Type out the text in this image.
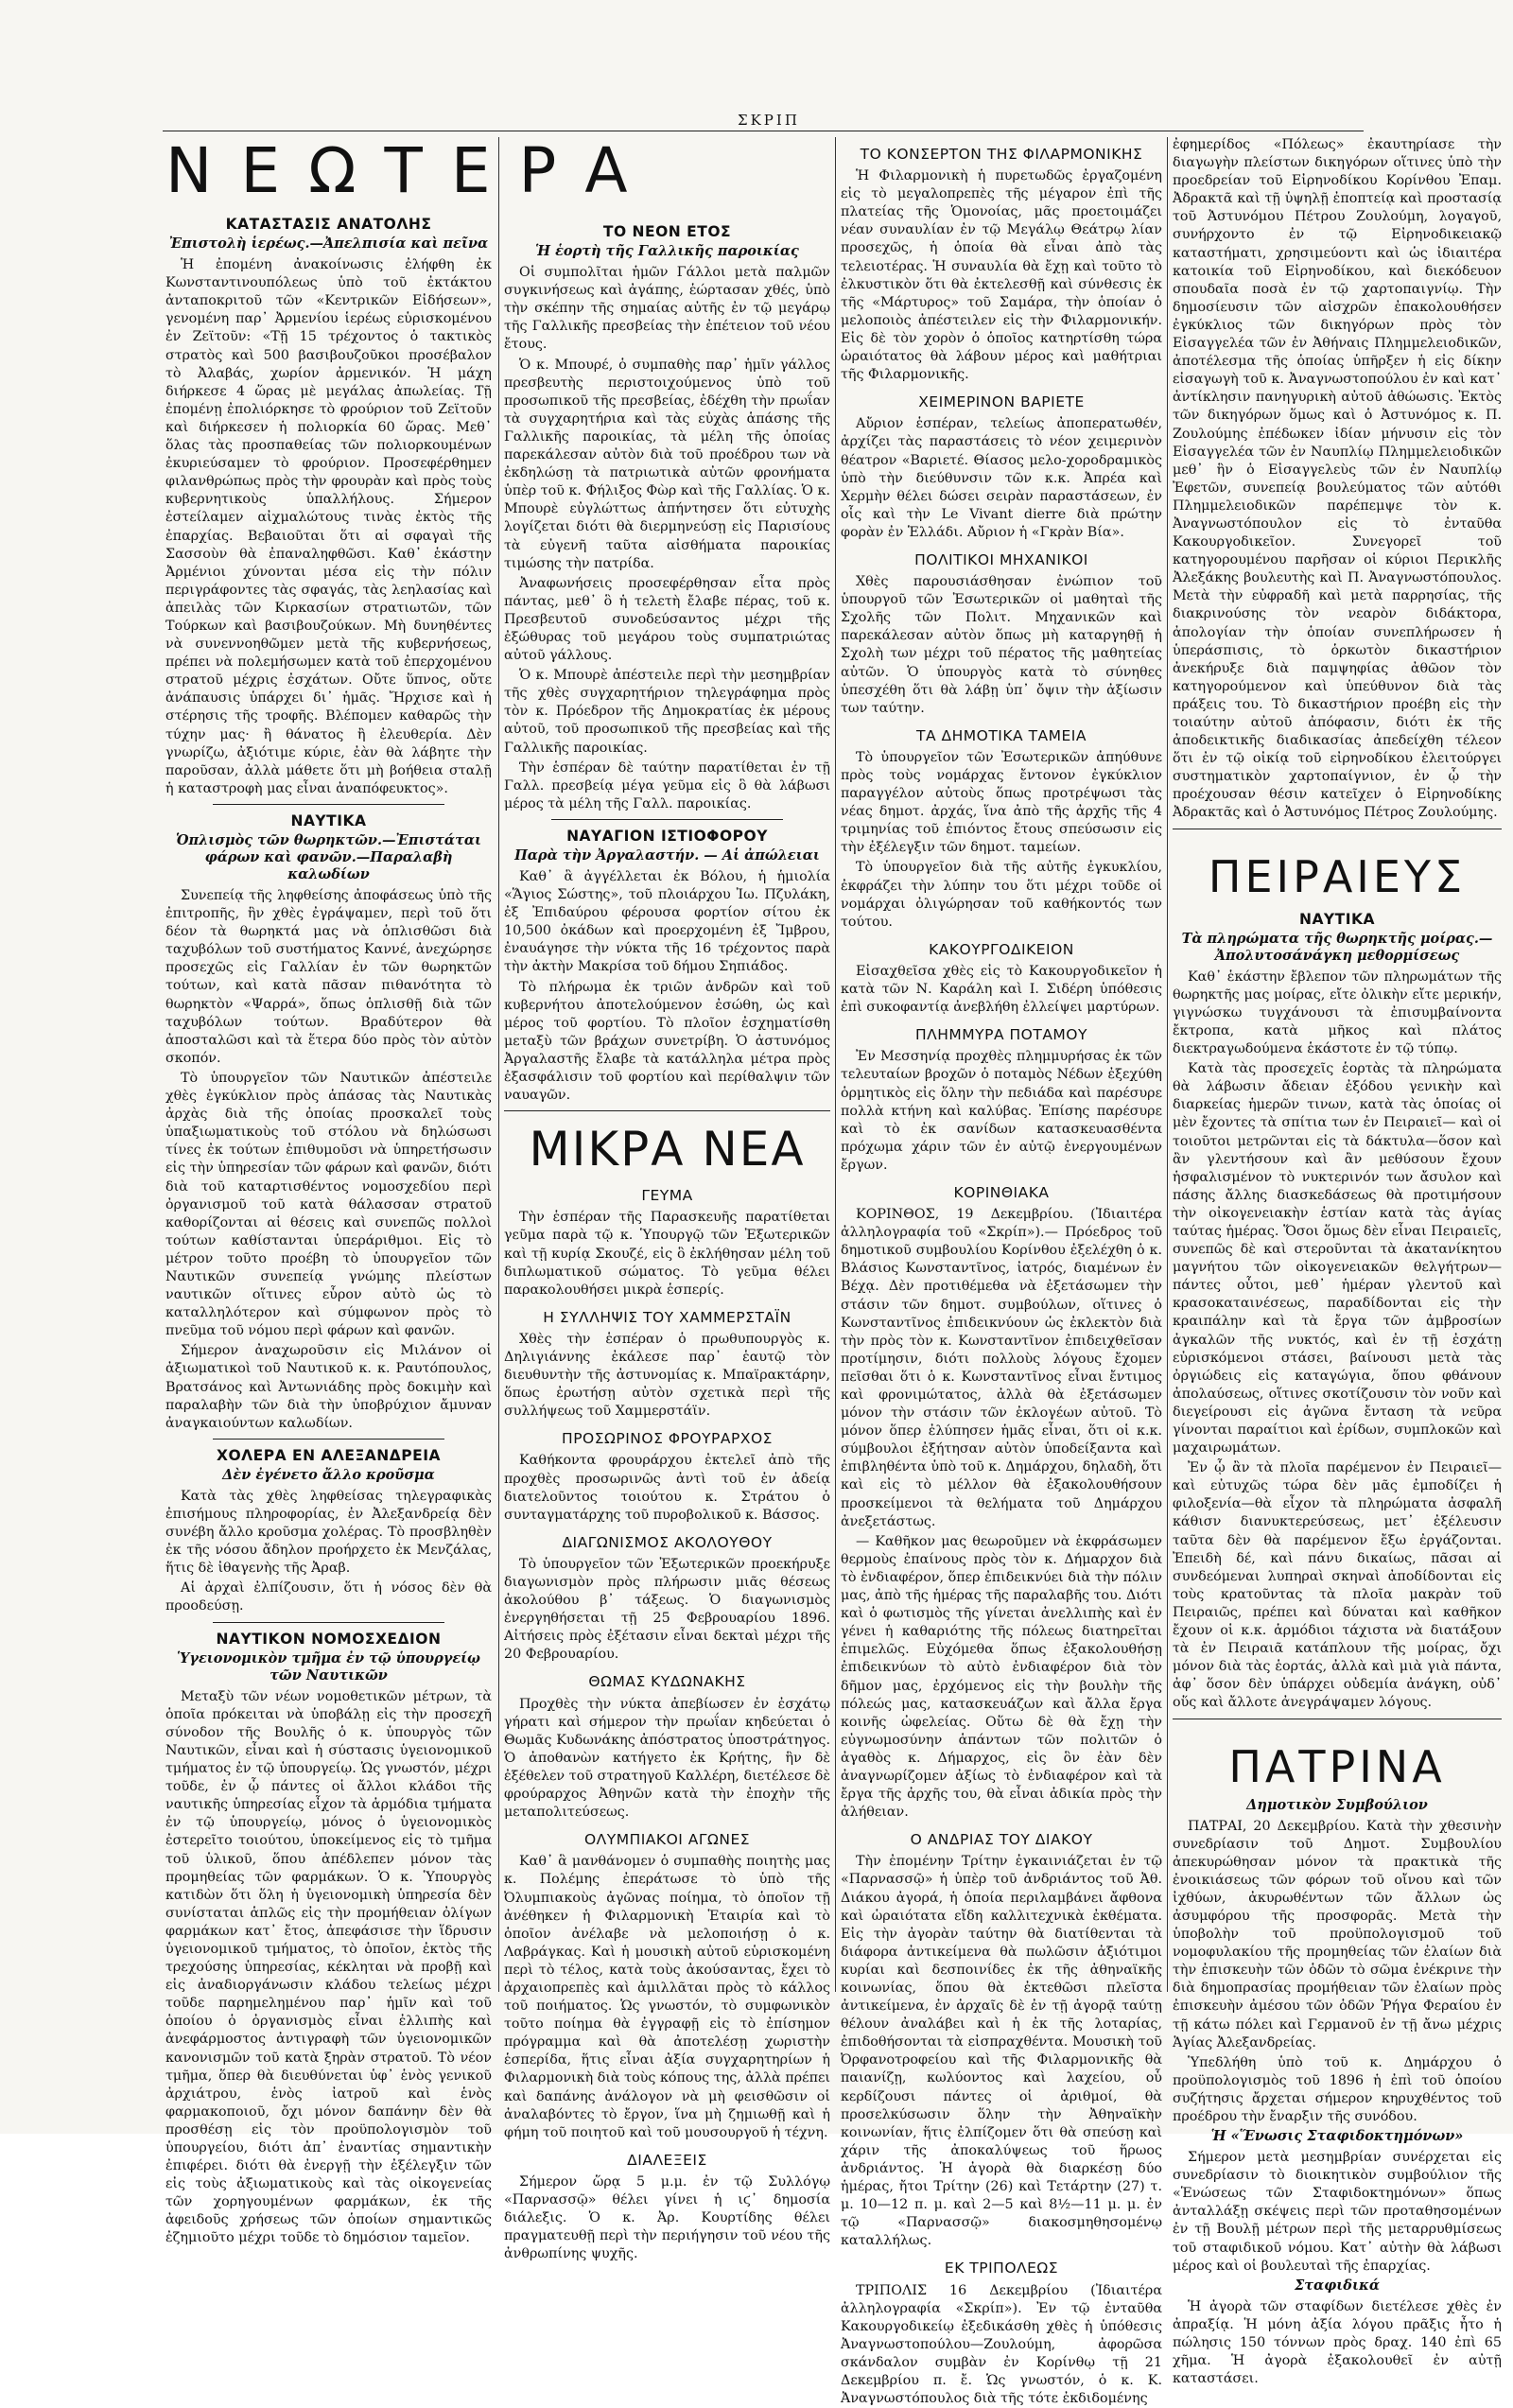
ΣΚΡΙΠ
ΝΕΩΤΕΡΑ
ΚΑΤΑΣΤΑΣΙΣ ΑΝΑΤΟΛΗΣ
Ἐπιστολὴ ἱερέως.—Ἀπελπισία καὶ πεῖνα

Ἡ ἐπομένη ἀνακοίνωσις ἐλήφθη ἐκ Κωνσταντινουπόλεως ὑπὸ τοῦ ἐκτάκτου ἀνταποκριτοῦ τῶν «Κεντρικῶν Εἰδήσεων», γενομένη παρ᾽ Ἀρμενίου ἱερέως εὑρισκομένου ἐν Ζεϊτοῦν: «Τῇ 15 τρέχοντος ὁ τακτικὸς στρατὸς καὶ 500 βασιβουζοῦκοι προσέβαλον τὸ Ἀλαβάς, χωρίον ἀρμενικόν. Ἡ μάχη διήρκεσε 4 ὥρας μὲ μεγάλας ἀπωλείας. Τῇ ἐπομένῃ ἐπολιόρκησε τὸ φρούριον τοῦ Ζεϊτοῦν καὶ διήρκεσεν ἡ πολιορκία 60 ὥρας. Μεθ᾽ ὅλας τὰς προσπαθείας τῶν πολιορκουμένων ἐκυριεύσαμεν τὸ φρούριον. Προσεφέρθημεν φιλανθρώπως πρὸς τὴν φρουρὰν καὶ πρὸς τοὺς κυβερνητικοὺς ὑπαλλήλους. Σήμερον ἐστείλαμεν αἰχμαλώτους τινὰς ἐκτὸς τῆς ἐπαρχίας. Βεβαιοῦται ὅτι αἱ σφαγαὶ τῆς Σασσοὺν θὰ ἐπαναληφθῶσι. Καθ᾽ ἑκάστην Ἀρμένιοι χύνονται μέσα εἰς τὴν πόλιν περιγράφοντες τὰς σφαγάς, τὰς λεηλασίας καὶ ἀπειλὰς τῶν Κιρκασίων στρατιωτῶν, τῶν Τούρκων καὶ βασιβουζούκων. Μὴ δυνηθέντες νὰ συνεννοηθῶμεν μετὰ τῆς κυβερνήσεως, πρέπει νὰ πολεμήσωμεν κατὰ τοῦ ἐπερχομένου στρατοῦ μέχρις ἐσχάτων. Οὔτε ὕπνος, οὔτε ἀνάπαυσις ὑπάρχει δι᾽ ἡμᾶς. Ἤρχισε καὶ ἡ στέρησις τῆς τροφῆς. Βλέπομεν καθαρῶς τὴν τύχην μας· ἢ θάνατος ἢ ἐλευθερία. Δὲν γνωρίζω, ἀξιότιμε κύριε, ἐὰν θὰ λάβητε τὴν παροῦσαν, ἀλλὰ μάθετε ὅτι μὴ βοήθεια σταλῇ ἡ καταστροφὴ μας εἶναι ἀναπόφευκτος».

ΝΑΥΤΙΚΑ
Ὁπλισμὸς τῶν θωρηκτῶν.—Ἐπιστάται φάρων καὶ φανῶν.—Παραλαβὴ καλωδίων

Συνεπείᾳ τῆς ληφθείσης ἀποφάσεως ὑπὸ τῆς ἐπιτροπῆς, ἣν χθὲς ἐγράψαμεν, περὶ τοῦ ὅτι δέον τὰ θωρηκτά μας νὰ ὁπλισθῶσι διὰ ταχυβόλων τοῦ συστήματος Καννέ, ἀνεχώρησε προσεχῶς εἰς Γαλλίαν ἐν τῶν θωρηκτῶν τούτων, καὶ κατὰ πᾶσαν πιθανότητα τὸ θωρηκτὸν «Ψαρρά», ὅπως ὁπλισθῇ διὰ τῶν ταχυβόλων τούτων. Βραδύτερον θὰ ἀποσταλῶσι καὶ τὰ ἕτερα δύο πρὸς τὸν αὐτὸν σκοπόν.

Τὸ ὑπουργεῖον τῶν Ναυτικῶν ἀπέστειλε χθὲς ἐγκύκλιον πρὸς ἁπάσας τὰς Ναυτικὰς ἀρχὰς διὰ τῆς ὁποίας προσκαλεῖ τοὺς ὑπαξιωματικοὺς τοῦ στόλου νὰ δηλώσωσι τίνες ἐκ τούτων ἐπιθυμοῦσι νὰ ὑπηρετήσωσιν εἰς τὴν ὑπηρεσίαν τῶν φάρων καὶ φανῶν, διότι διὰ τοῦ καταρτισθέντος νομοσχεδίου περὶ ὀργανισμοῦ τοῦ κατὰ θάλασσαν στρατοῦ καθορίζονται αἱ θέσεις καὶ συνεπῶς πολλοὶ τούτων καθίστανται ὑπεράριθμοι. Εἰς τὸ μέτρον τοῦτο προέβη τὸ ὑπουργεῖον τῶν Ναυτικῶν συνεπείᾳ γνώμης πλείστων ναυτικῶν οἵτινες εὗρον αὐτὸ ὡς τὸ καταλληλότερον καὶ σύμφωνον πρὸς τὸ πνεῦμα τοῦ νόμου περὶ φάρων καὶ φανῶν.

Σήμερον ἀναχωροῦσιν εἰς Μιλάνον οἱ ἀξιωματικοὶ τοῦ Ναυτικοῦ κ. κ. Ραυτόπουλος, Βρατσάνος καὶ Ἀντωνιάδης πρὸς δοκιμὴν καὶ παραλαβὴν τῶν διὰ τὴν ὑποβρύχιον ἄμυναν ἀναγκαιούντων καλωδίων.

ΧΟΛΕΡΑ ΕΝ ΑΛΕΞΑΝΔΡΕΙΑ
Δὲν ἐγένετο ἄλλο κροῦσμα

Κατὰ τὰς χθὲς ληφθείσας τηλεγραφικὰς ἐπισήμους πληροφορίας, ἐν Ἀλεξανδρείᾳ δὲν συνέβη ἄλλο κροῦσμα χολέρας. Τὸ προσβληθὲν ἐκ τῆς νόσου ἄδηλον προήρχετο ἐκ Μενζάλας, ἥτις δὲ ἰθαγενὴς τῆς Ἀραβ.

Αἱ ἀρχαὶ ἐλπίζουσιν, ὅτι ἡ νόσος δὲν θὰ προοδεύσῃ.

ΝΑΥΤΙΚΟΝ ΝΟΜΟΣΧΕΔΙΟΝ
Ὑγειονομικὸν τμῆμα ἐν τῷ ὑπουργείῳ τῶν Ναυτικῶν

Μεταξὺ τῶν νέων νομοθετικῶν μέτρων, τὰ ὁποῖα πρόκειται νὰ ὑποβάλῃ εἰς τὴν προσεχῆ σύνοδον τῆς Βουλῆς ὁ κ. ὑπουργὸς τῶν Ναυτικῶν, εἶναι καὶ ἡ σύστασις ὑγειονομικοῦ τμήματος ἐν τῷ ὑπουργείῳ. Ὡς γνωστόν, μέχρι τοῦδε, ἐν ᾧ πάντες οἱ ἄλλοι κλάδοι τῆς ναυτικῆς ὑπηρεσίας εἶχον τὰ ἁρμόδια τμήματα ἐν τῷ ὑπουργείῳ, μόνος ὁ ὑγειονομικὸς ἐστερεῖτο τοιούτου, ὑποκείμενος εἰς τὸ τμῆμα τοῦ ὑλικοῦ, ὅπου ἀπέδλεπεν μόνον τὰς προμηθείας τῶν φαρμάκων. Ὁ κ. Ὑπουργὸς κατιδὼν ὅτι ὅλη ἡ ὑγειονομικὴ ὑπηρεσία δὲν συνίσταται ἁπλῶς εἰς τὴν προμήθειαν ὀλίγων φαρμάκων κατ᾽ ἔτος, ἀπεφάσισε τὴν ἵδρυσιν ὑγειονομικοῦ τμήματος, τὸ ὁποῖον, ἐκτὸς τῆς τρεχούσης ὑπηρεσίας, κέκληται νὰ προβῇ καὶ εἰς ἀναδιοργάνωσιν κλάδου τελείως μέχρι τοῦδε παρημελημένου παρ᾽ ἡμῖν καὶ τοῦ ὁποίου ὁ ὀργανισμὸς εἶναι ἐλλιπὴς καὶ ἀνεφάρμοστος ἀντιγραφὴ τῶν ὑγειονομικῶν κανονισμῶν τοῦ κατὰ ξηρὰν στρατοῦ. Τὸ νέον τμῆμα, ὅπερ θὰ διευθύνεται ὑφ᾽ ἑνὸς γενικοῦ ἀρχιάτρου, ἑνὸς ἰατροῦ καὶ ἑνὸς φαρμακοποιοῦ, ὄχι μόνον δαπάνην δὲν θὰ προσθέσῃ εἰς τὸν προϋπολογισμὸν τοῦ ὑπουργείου, διότι ἀπ᾽ ἐναντίας σημαντικὴν ἐπιφέρει. διότι θὰ ἐνεργῇ τὴν ἐξέλεγξιν τῶν εἰς τοὺς ἀξιωματικοὺς καὶ τὰς οἰκογενείας τῶν χορηγουμένων φαρμάκων, ἐκ τῆς ἀφειδοῦς χρήσεως τῶν ὁποίων σημαντικῶς ἐζημιοῦτο μέχρι τοῦδε τὸ δημόσιον ταμεῖον.

ΤΟ ΝΕΟΝ ΕΤΟΣ
Ἡ ἑορτὴ τῆς Γαλλικῆς παροικίας

Οἱ συμπολῖται ἡμῶν Γάλλοι μετὰ παλμῶν συγκινήσεως καὶ ἀγάπης, ἑώρτασαν χθές, ὑπὸ τὴν σκέπην τῆς σημαίας αὐτῆς ἐν τῷ μεγάρῳ τῆς Γαλλικῆς πρεσβείας τὴν ἐπέτειον τοῦ νέου ἔτους.

Ὁ κ. Μπουρέ, ὁ συμπαθὴς παρ᾽ ἡμῖν γάλλος πρεσβευτὴς περιστοιχούμενος ὑπὸ τοῦ προσωπικοῦ τῆς πρεσβείας, ἐδέχθη τὴν πρωΐαν τὰ συγχαρητήρια καὶ τὰς εὐχὰς ἁπάσης τῆς Γαλλικῆς παροικίας, τὰ μέλη τῆς ὁποίας παρεκάλεσαν αὐτὸν διὰ τοῦ προέδρου των νὰ ἐκδηλώσῃ τὰ πατριωτικὰ αὐτῶν φρονήματα ὑπὲρ τοῦ κ. Φήλιξος Φὼρ καὶ τῆς Γαλλίας. Ὁ κ. Μπουρὲ εὐγλώττως ἀπήντησεν ὅτι εὐτυχὴς λογίζεται διότι θὰ διερμηνεύσῃ εἰς Παρισίους τὰ εὐγενῆ ταῦτα αἰσθήματα παροικίας τιμώσης τὴν πατρίδα.

Ἀναφωνήσεις προσεφέρθησαν εἶτα πρὸς πάντας, μεθ᾽ ὃ ἡ τελετὴ ἔλαβε πέρας, τοῦ κ. Πρεσβευτοῦ συνοδεύσαντος μέχρι τῆς ἐξώθυρας τοῦ μεγάρου τοὺς συμπατριώτας αὐτοῦ γάλλους.

Ὁ κ. Μπουρὲ ἀπέστειλε περὶ τὴν μεσημβρίαν τῆς χθὲς συγχαρητήριον τηλεγράφημα πρὸς τὸν κ. Πρόεδρον τῆς Δημοκρατίας ἐκ μέρους αὐτοῦ, τοῦ προσωπικοῦ τῆς πρεσβείας καὶ τῆς Γαλλικῆς παροικίας.

Τὴν ἑσπέραν δὲ ταύτην παρατίθεται ἐν τῇ Γαλλ. πρεσβείᾳ μέγα γεῦμα εἰς ὃ θὰ λάβωσι μέρος τὰ μέλη τῆς Γαλλ. παροικίας.

ΝΑΥΑΓΙΟΝ ΙΣΤΙΟΦΟΡΟΥ
Παρὰ τὴν Ἀργαλαστήν. — Αἱ ἀπώλειαι

Καθ᾽ ἃ ἀγγέλλεται ἐκ Βόλου, ἡ ἡμιολία «Ἅγιος Σώστης», τοῦ πλοιάρχου Ἰω. Πζυλάκη, ἐξ Ἐπιδαύρου φέρουσα φορτίον σίτου ἐκ 10,500 ὀκάδων καὶ προερχομένη ἐξ Ἴμβρου, ἐναυάγησε τὴν νύκτα τῆς 16 τρέχοντος παρὰ τὴν ἀκτὴν Μακρίσα τοῦ δήμου Σηπιάδος.

Τὸ πλήρωμα ἐκ τριῶν ἀνδρῶν καὶ τοῦ κυβερνήτου ἀποτελούμενον ἐσώθη, ὡς καὶ μέρος τοῦ φορτίου. Τὸ πλοῖον ἐσχηματίσθη μεταξὺ τῶν βράχων συνετρίβη. Ὁ ἀστυνόμος Ἀργαλαστῆς ἔλαβε τὰ κατάλληλα μέτρα πρὸς ἐξασφάλισιν τοῦ φορτίου καὶ περίθαλψιν τῶν ναυαγῶν.

ΜΙΚΡΑ ΝΕΑ
ΓΕΥΜΑ

Τὴν ἑσπέραν τῆς Παρασκευῆς παρατίθεται γεῦμα παρὰ τῷ κ. Ὑπουργῷ τῶν Ἐξωτερικῶν καὶ τῇ κυρίᾳ Σκουζέ, εἰς ὃ ἐκλήθησαν μέλη τοῦ διπλωματικοῦ σώματος. Τὸ γεῦμα θέλει παρακολουθήσει μικρὰ ἑσπερίς.

Η ΣΥΛΛΗΨΙΣ ΤΟΥ ΧΑΜΜΕΡΣΤΑΪΝ

Χθὲς τὴν ἑσπέραν ὁ πρωθυπουργὸς κ. Δηλιγιάννης ἐκάλεσε παρ᾽ ἑαυτῷ τὸν διευθυντὴν τῆς ἀστυνομίας κ. Μπαϊρακτάρην, ὅπως ἐρωτήσῃ αὐτὸν σχετικὰ περὶ τῆς συλλήψεως τοῦ Χαμμερστάϊν.

ΠΡΟΣΩΡΙΝΟΣ ΦΡΟΥΡΑΡΧΟΣ

Καθήκοντα φρουράρχου ἐκτελεῖ ἀπὸ τῆς προχθὲς προσωρινῶς ἀντὶ τοῦ ἐν ἀδείᾳ διατελοῦντος τοιούτου κ. Στράτου ὁ συνταγματάρχης τοῦ πυροβολικοῦ κ. Βάσσος.

ΔΙΑΓΩΝΙΣΜΟΣ ΑΚΟΛΟΥΘΟΥ

Τὸ ὑπουργεῖον τῶν Ἐξωτερικῶν προεκήρυξε διαγωνισμὸν πρὸς πλήρωσιν μιᾶς θέσεως ἀκολούθου β᾽ τάξεως. Ὁ διαγωνισμὸς ἐνεργηθήσεται τῇ 25 Φεβρουαρίου 1896. Αἰτήσεις πρὸς ἐξέτασιν εἶναι δεκταὶ μέχρι τῆς 20 Φεβρουαρίου.

ΘΩΜΑΣ ΚΥΔΩΝΑΚΗΣ

Προχθὲς τὴν νύκτα ἀπεβίωσεν ἐν ἐσχάτῳ γήρατι καὶ σήμερον τὴν πρωΐαν κηδεύεται ὁ Θωμᾶς Κυδωνάκης ἀπόστρατος ὑποστράτηγος. Ὁ ἀποθανὼν κατήγετο ἐκ Κρήτης, ἣν δὲ ἐξέθελεν τοῦ στρατηγοῦ Καλλέρη, διετέλεσε δὲ φρούραρχος Ἀθηνῶν κατὰ τὴν ἐποχὴν τῆς μεταπολιτεύσεως.

ΟΛΥΜΠΙΑΚΟΙ ΑΓΩΝΕΣ

Καθ᾽ ἃ μανθάνομεν ὁ συμπαθὴς ποιητὴς μας κ. Πολέμης ἐπεράτωσε τὸ ὑπὸ τῆς Ὀλυμπιακοὺς ἀγῶνας ποίημα, τὸ ὁποῖον τῇ ἀνέθηκεν ἡ Φιλαρμονικὴ Ἑταιρία καὶ τὸ ὁποῖον ἀνέλαβε νὰ μελοποιήσῃ ὁ κ. Λαβράγκας. Καὶ ἡ μουσικὴ αὐτοῦ εὑρισκομένη περὶ τὸ τέλος, κατὰ τοὺς ἀκούσαντας, ἔχει τὸ ἀρχαιοπρεπὲς καὶ ἁμιλλᾶται πρὸς τὸ κάλλος τοῦ ποιήματος. Ὡς γνωστόν, τὸ συμφωνικὸν τοῦτο ποίημα θὰ ἐγγραφῇ εἰς τὸ ἐπίσημον πρόγραμμα καὶ θὰ ἀποτελέσῃ χωριστὴν ἑσπερίδα, ἥτις εἶναι ἀξία συγχαρητηρίων ἡ Φιλαρμονικὴ διὰ τοὺς κόπους της, ἀλλὰ πρέπει καὶ δαπάνης ἀνάλογον νὰ μὴ φεισθῶσιν οἱ ἀναλαβόντες τὸ ἔργον, ἵνα μὴ ζημιωθῇ καὶ ἡ φήμη τοῦ ποιητοῦ καὶ τοῦ μουσουργοῦ ἡ τέχνη.

ΔΙΑΛΕΞΕΙΣ

Σήμερον ὥρᾳ 5 μ.μ. ἐν τῷ Συλλόγῳ «Παρνασσῷ» θέλει γίνει ἡ ιϛ᾽ δημοσία διάλεξις. Ὁ κ. Ἀρ. Κουρτίδης θέλει πραγματευθῇ περὶ τὴν περιήγησιν τοῦ νέου τῆς ἀνθρωπίνης ψυχῆς.

ΤΟ ΚΟΝΣΕΡΤΟΝ ΤΗΣ ΦΙΛΑΡΜΟΝΙΚΗΣ

Ἡ Φιλαρμονικὴ ἡ πυρετωδῶς ἐργαζομένη εἰς τὸ μεγαλοπρεπὲς τῆς μέγαρον ἐπὶ τῆς πλατείας τῆς Ὁμονοίας, μᾶς προετοιμάζει νέαν συναυλίαν ἐν τῷ Μεγάλῳ Θεάτρῳ λίαν προσεχῶς, ἡ ὁποία θὰ εἶναι ἀπὸ τὰς τελειοτέρας. Ἡ συναυλία θὰ ἔχῃ καὶ τοῦτο τὸ ἐλκυστικὸν ὅτι θὰ ἐκτελεσθῇ καὶ σύνθεσις ἐκ τῆς «Μάρτυρος» τοῦ Σαμάρα, τὴν ὁποίαν ὁ μελοποιὸς ἀπέστειλεν εἰς τὴν Φιλαρμονικήν. Εἰς δὲ τὸν χορὸν ὁ ὁποῖος κατηρτίσθη τώρα ὡραιότατος θὰ λάβουν μέρος καὶ μαθήτριαι τῆς Φιλαρμονικῆς.

ΧΕΙΜΕΡΙΝΟΝ ΒΑΡΙΕΤΕ

Αὔριον ἑσπέραν, τελείως ἀποπερατωθέν, ἀρχίζει τὰς παραστάσεις τὸ νέον χειμερινὸν θέατρον «Βαριετέ. Θίασος μελο-χοροδραμικὸς ὑπὸ τὴν διεύθυνσιν τῶν κ.κ. Ἀπρέα καὶ Χερμὴν θέλει δώσει σειρὰν παραστάσεων, ἐν οἷς καὶ τὴν Le Vivant dierre διὰ πρώτην φορὰν ἐν Ἑλλάδι. Αὔριον ἡ «Γκρὰν Βία».

ΠΟΛΙΤΙΚΟΙ ΜΗΧΑΝΙΚΟΙ

Χθὲς παρουσιάσθησαν ἐνώπιον τοῦ ὑπουργοῦ τῶν Ἐσωτερικῶν οἱ μαθηταὶ τῆς Σχολῆς τῶν Πολιτ. Μηχανικῶν καὶ παρεκάλεσαν αὐτὸν ὅπως μὴ καταργηθῇ ἡ Σχολὴ των μέχρι τοῦ πέρατος τῆς μαθητείας αὐτῶν. Ὁ ὑπουργὸς κατὰ τὸ σύνηθες ὑπεσχέθη ὅτι θὰ λάβῃ ὑπ᾽ ὄψιν τὴν ἀξίωσιν των ταύτην.

ΤΑ ΔΗΜΟΤΙΚΑ ΤΑΜΕΙΑ

Τὸ ὑπουργεῖον τῶν Ἐσωτερικῶν ἀπηύθυνε πρὸς τοὺς νομάρχας ἔντονον ἐγκύκλιον παραγγέλον αὐτοὺς ὅπως προτρέψωσι τὰς νέας δημοτ. ἀρχάς, ἵνα ἀπὸ τῆς ἀρχῆς τῆς 4 τριμηνίας τοῦ ἐπιόντος ἔτους σπεύσωσιν εἰς τὴν ἐξέλεγξιν τῶν δημοτ. ταμείων.

Τὸ ὑπουργεῖον διὰ τῆς αὐτῆς ἐγκυκλίου, ἐκφράζει τὴν λύπην του ὅτι μέχρι τοῦδε οἱ νομάρχαι ὀλιγώρησαν τοῦ καθήκοντός των τούτου.

ΚΑΚΟΥΡΓΟΔΙΚΕΙΟΝ

Εἰσαχθεῖσα χθὲς εἰς τὸ Κακουργοδικεῖον ἡ κατὰ τῶν Ν. Καράλη καὶ Ι. Σιδέρη ὑπόθεσις ἐπὶ συκοφαντίᾳ ἀνεβλήθη ἐλλείψει μαρτύρων.

ΠΛΗΜΜΥΡΑ ΠΟΤΑΜΟΥ

Ἐν Μεσσηνίᾳ προχθὲς πλημμυρήσας ἐκ τῶν τελευταίων βροχῶν ὁ ποταμὸς Νέδων ἐξεχύθη ὁρμητικὸς εἰς ὅλην τὴν πεδιάδα καὶ παρέσυρε πολλὰ κτήνη καὶ καλύβας. Ἐπίσης παρέσυρε καὶ τὸ ἐκ σανίδων κατασκευασθέντα πρόχωμα χάριν τῶν ἐν αὐτῷ ἐνεργουμένων ἔργων.

ΚΟΡΙΝΘΙΑΚΑ

ΚΟΡΙΝΘΟΣ, 19 Δεκεμβρίου. (Ἰδιαιτέρα ἀλληλογραφία τοῦ «Σκρίπ»).— Πρόεδρος τοῦ δημοτικοῦ συμβουλίου Κορίνθου ἐξελέχθη ὁ κ. Βλάσιος Κωνσταντῖνος, ἰατρός, διαμένων ἐν Βέχᾳ. Δὲν προτιθέμεθα νὰ ἐξετάσωμεν τὴν στάσιν τῶν δημοτ. συμβούλων, οἵτινες ὁ Κωνσταντῖνος ἐπιδεικνύουν ὡς ἐκλεκτὸν διὰ τὴν πρὸς τὸν κ. Κωνσταντῖνον ἐπιδειχθεῖσαν προτίμησιν, διότι πολλοὺς λόγους ἔχομεν πεῖσθαι ὅτι ὁ κ. Κωνσταντῖνος εἶναι ἔντιμος καὶ φρονιμώτατος, ἀλλὰ θὰ ἐξετάσωμεν μόνον τὴν στάσιν τῶν ἐκλογέων αὐτοῦ. Τὸ μόνον ὅπερ ἐλύπησεν ἡμᾶς εἶναι, ὅτι οἱ κ.κ. σύμβουλοι ἐξήτησαν αὐτὸν ὑποδείξαντα καὶ ἐπιβληθέντα ὑπὸ τοῦ κ. Δημάρχου, δηλαδὴ, ὅτι καὶ εἰς τὸ μέλλον θὰ ἐξακολουθήσουν προσκείμενοι τὰ θελήματα τοῦ Δημάρχου ἀνεξετάστως.

— Καθῆκον μας θεωροῦμεν νὰ ἐκφράσωμεν θερμοὺς ἐπαίνους πρὸς τὸν κ. Δήμαρχον διὰ τὸ ἐνδιαφέρον, ὅπερ ἐπιδεικνύει διὰ τὴν πόλιν μας, ἀπὸ τῆς ἡμέρας τῆς παραλαβῆς του. Διότι καὶ ὁ φωτισμὸς τῆς γίνεται ἀνελλιπὴς καὶ ἐν γένει ἡ καθαριότης τῆς πόλεως διατηρεῖται ἐπιμελῶς. Εὐχόμεθα ὅπως ἐξακολουθήσῃ ἐπιδεικνύων τὸ αὐτὸ ἐνδιαφέρον διὰ τὸν δῆμον μας, ἐρχόμενος εἰς τὴν βουλὴν τῆς πόλεώς μας, κατασκευάζων καὶ ἄλλα ἔργα κοινῆς ὠφελείας. Οὕτω δὲ θὰ ἔχῃ τὴν εὐγνωμοσύνην ἁπάντων τῶν πολιτῶν ὁ ἀγαθὸς κ. Δήμαρχος, εἰς ὃν ἐὰν δὲν ἀναγνωρίζομεν ἀξίως τὸ ἐνδιαφέρον καὶ τὰ ἔργα τῆς ἀρχῆς του, θὰ εἶναι ἀδικία πρὸς τὴν ἀλήθειαν.

Ο ΑΝΔΡΙΑΣ ΤΟΥ ΔΙΑΚΟΥ

Τὴν ἐπομένην Τρίτην ἐγκαινιάζεται ἐν τῷ «Παρνασσῷ» ἡ ὑπὲρ τοῦ ἀνδριάντος τοῦ Ἀθ. Διάκου ἀγορά, ἡ ὁποία περιλαμβάνει ἄφθονα καὶ ὡραιότατα εἴδη καλλιτεχνικὰ ἐκθέματα. Εἰς τὴν ἀγορὰν ταύτην θὰ διατίθενται τὰ διάφορα ἀντικείμενα θὰ πωλῶσιν ἀξιότιμοι κυρίαι καὶ δεσποινίδες ἐκ τῆς ἀθηναϊκῆς κοινωνίας, ὅπου θὰ ἐκτεθῶσι πλεῖστα ἀντικείμενα, ἐν ἀρχαῖς δὲ ἐν τῇ ἀγορᾷ ταύτῃ θέλουν ἀναλάβει καὶ ἡ ἐκ τῆς λοταρίας, ἐπιδοθήσονται τὰ εἰσπραχθέντα. Μουσικὴ τοῦ Ὀρφανοτροφείου καὶ τῆς Φιλαρμονικῆς θὰ παιανίζῃ, κωλύοντος καὶ λαχείου, οὗ κερδίζουσι πάντες οἱ ἀριθμοί, θὰ προσελκύσωσιν ὅλην τὴν Ἀθηναϊκὴν κοινωνίαν, ἥτις ἐλπίζομεν ὅτι θὰ σπεύσῃ καὶ χάριν τῆς ἀποκαλύψεως τοῦ ἥρωος ἀνδριάντος. Ἡ ἀγορὰ θὰ διαρκέσῃ δύο ἡμέρας, ἤτοι Τρίτην (26) καὶ Τετάρτην (27) τ. μ. 10—12 π. μ. καὶ 2—5 καὶ 8½—11 μ. μ. ἐν τῷ «Παρνασσῷ» διακοσμηθησομένῳ καταλλήλως.

ΕΚ ΤΡΙΠΟΛΕΩΣ

ΤΡΙΠΟΛΙΣ 16 Δεκεμβρίου (Ἰδιαιτέρα ἀλληλογραφία «Σκρίπ»). Ἐν τῷ ἐνταῦθα Κακουργοδικείῳ ἐξεδικάσθη χθὲς ἡ ὑπόθεσις Ἀναγνωστοπούλου—Ζουλούμη, ἀφορῶσα σκάνδαλον συμβὰν ἐν Κορίνθῳ τῇ 21 Δεκεμβρίου π. ἔ. Ὡς γνωστόν, ὁ κ. Κ. Ἀναγνωστόπουλος διὰ τῆς τότε ἐκδιδομένης

ἐφημερίδος «Πόλεως» ἐκαυτηρίασε τὴν διαγωγὴν πλείστων δικηγόρων οἵτινες ὑπὸ τὴν προεδρείαν τοῦ Εἰρηνοδίκου Κορίνθου Ἐπαμ. Ἀδρακτᾶ καὶ τῇ ὑψηλῇ ἐποπτείᾳ καὶ προστασίᾳ τοῦ Ἀστυνόμου Πέτρου Ζουλούμη, λογαγοῦ, συνήρχοντο ἐν τῷ Εἰρηνοδικειακῷ καταστήματι, χρησιμεύοντι καὶ ὡς ἰδιαιτέρα κατοικία τοῦ Εἰρηνοδίκου, καὶ διεκόδευον σπουδαῖα ποσὰ ἐν τῷ χαρτοπαιγνίῳ. Τὴν δημοσίευσιν τῶν αἰσχρῶν ἐπακολουθήσεν ἐγκύκλιος τῶν δικηγόρων πρὸς τὸν Εἰσαγγελέα τῶν ἐν Ἀθήναις Πλημμελειοδικῶν, ἀποτέλεσμα τῆς ὁποίας ὑπῆρξεν ἡ εἰς δίκην εἰσαγωγὴ τοῦ κ. Ἀναγνωστοπούλου ἐν καὶ κατ᾽ ἀντίκλησιν πανηγυρικὴ αὐτοῦ ἀθώωσις. Ἐκτὸς τῶν δικηγόρων ὅμως καὶ ὁ Ἀστυνόμος κ. Π. Ζουλούμης ἐπέδωκεν ἰδίαν μήνυσιν εἰς τὸν Εἰσαγγελέα τῶν ἐν Ναυπλίῳ Πλημμελειοδικῶν μεθ᾽ ἣν ὁ Εἰσαγγελεὺς τῶν ἐν Ναυπλίῳ Ἐφετῶν, συνεπείᾳ βουλεύματος τῶν αὐτόθι Πλημμελειοδικῶν παρέπεμψε τὸν κ. Ἀναγνωστόπουλον εἰς τὸ ἐνταῦθα Κακουργοδικεῖον. Συνεγορεῖ τοῦ κατηγορουμένου παρῆσαν οἱ κύριοι Περικλῆς Ἀλεξάκης βουλευτὴς καὶ Π. Ἀναγνωστόπουλος. Μετὰ τὴν εὐφραδῆ καὶ μετὰ παρρησίας, τῆς διακρινούσης τὸν νεαρὸν διδάκτορα, ἀπολογίαν τὴν ὁποίαν συνεπλήρωσεν ἡ ὑπεράσπισις, τὸ ὁρκωτὸν δικαστήριον ἀνεκήρυξε διὰ παμψηφίας ἀθῶον τὸν κατηγορούμενον καὶ ὑπεύθυνον διὰ τὰς πράξεις του. Τὸ δικαστήριον προέβη εἰς τὴν τοιαύτην αὐτοῦ ἀπόφασιν, διότι ἐκ τῆς ἀποδεικτικῆς διαδικασίας ἀπεδείχθη τέλεον ὅτι ἐν τῷ οἰκίᾳ τοῦ εἰρηνοδίκου ἐλειτούργει συστηματικὸν χαρτοπαίγνιον, ἐν ᾧ τὴν προέχουσαν θέσιν κατεῖχεν ὁ Εἰρηνοδίκης Ἀδρακτᾶς καὶ ὁ Ἀστυνόμος Πέτρος Ζουλούμης.

ΠΕΙΡΑΙΕΥΣ
ΝΑΥΤΙΚΑ
Τὰ πληρώματα τῆς θωρηκτῆς μοίρας.—Ἀπολυτοσάνάγκη μεθορμίσεως

Καθ᾽ ἑκάστην ἔβλεπον τῶν πληρωμάτων τῆς θωρηκτῆς μας μοίρας, εἴτε ὀλικὴν εἴτε μερικήν, γιγνώσκω τυγχάνουσι τὰ ἐπισυμβαίνοντα ἔκτροπα, κατὰ μῆκος καὶ πλάτος διεκτραγωδούμενα ἑκάστοτε ἐν τῷ τύπῳ.

Κατὰ τὰς προσεχεῖς ἑορτὰς τὰ πληρώματα θὰ λάβωσιν ἄδειαν ἐξόδου γενικὴν καὶ διαρκείας ἡμερῶν τινων, κατὰ τὰς ὁποίας οἱ μὲν ἔχοντες τὰ σπίτια των ἐν Πειραιεῖ— καὶ οἱ τοιοῦτοι μετρῶνται εἰς τὰ δάκτυλα—ὅσον καὶ ἂν γλεντήσουν καὶ ἂν μεθύσουν ἔχουν ἡσφαλισμένον τὸ νυκτερινόν των ἄσυλον καὶ πάσης ἄλλης διασκεδάσεως θὰ προτιμήσουν τὴν οἰκογενειακὴν ἑστίαν κατὰ τὰς ἁγίας ταύτας ἡμέρας. Ὅσοι ὅμως δὲν εἶναι Πειραιεῖς, συνεπῶς δὲ καὶ στεροῦνται τὰ ἀκατανίκητου μαγνήτου τῶν οἰκογενειακῶν θελγήτρων—πάντες οὗτοι, μεθ᾽ ἡμέραν γλεντοῦ καὶ κρασοκαταινέσεως, παραδίδονται εἰς τὴν κραιπάλην καὶ τὰ ἔργα τῶν ἀμβροσίων ἀγκαλῶν τῆς νυκτός, καὶ ἐν τῇ ἐσχάτῃ εὐρισκόμενοι στάσει, βαίνουσι μετὰ τὰς ὀργιώδεις εἰς καταγώγια, ὅπου φθάνουν ἀπολαύσεως, οἵτινες σκοτίζουσιν τὸν νοῦν καὶ διεγείρουσι εἰς ἀγῶνα ἔνταση τὰ νεῦρα γίνονται παραίτιοι καὶ ἐρίδων, συμπλοκῶν καὶ μαχαιρωμάτων.

Ἐν ᾧ ἂν τὰ πλοῖα παρέμενον ἐν Πειραιεῖ—καὶ εὐτυχῶς τώρα δὲν μᾶς ἐμποδίζει ἡ φιλοξενία—θὰ εἶχον τὰ πληρώματα ἀσφαλῆ κάθισν διανυκτερεύσεως, μετ᾽ ἐξέλευσιν ταῦτα δὲν θὰ παρέμενον ἔξω ἐργάζονται. Ἐπειδὴ δέ, καὶ πάνυ δικαίως, πᾶσαι αἱ συνδεόμεναι λυπηραὶ σκηναὶ ἀποδίδονται εἰς τοὺς κρατοῦντας τὰ πλοῖα μακρὰν τοῦ Πειραιῶς, πρέπει καὶ δύναται καὶ καθῆκον ἔχουν οἱ κ.κ. ἁρμόδιοι τάχιστα νὰ διατάξουν τὰ ἐν Πειραιᾶ κατάπλουν τῆς μοίρας, ὄχι μόνον διὰ τὰς ἑορτάς, ἀλλὰ καὶ μιὰ γιὰ πάντα, ἀφ᾽ ὅσον δὲν ὑπάρχει οὐδεμία ἀνάγκη, οὐδ᾽ οὕς καὶ ἄλλοτε ἀνεγράψαμεν λόγους.

ΠΑΤΡΙΝΑ
Δημοτικὸν Συμβούλιον

ΠΑΤΡΑΙ, 20 Δεκεμβρίου. Κατὰ τὴν χθεσινὴν συνεδρίασιν τοῦ Δημοτ. Συμβουλίου ἀπεκυρώθησαν μόνον τὰ πρακτικὰ τῆς ἐνοικιάσεως τῶν φόρων τοῦ οἴνου καὶ τῶν ἰχθύων, ἀκυρωθέντων τῶν ἄλλων ὡς ἀσυμφόρου τῆς προσφορᾶς. Μετὰ τὴν ὑποβολὴν τοῦ προϋπολογισμοῦ τοῦ νομοφυλακίου τῆς προμηθείας τῶν ἐλαίων διὰ τὴν ἐπισκευὴν τῶν ὁδῶν τὸ σῶμα ἐνέκρινε τὴν διὰ δημοπρασίας προμήθειαν τῶν ἐλαίων πρὸς ἐπισκευὴν ἀμέσου τῶν ὁδῶν Ῥήγα Φεραίου ἐν τῇ κάτω πόλει καὶ Γερμανοῦ ἐν τῇ ἄνω μέχρις Ἁγίας Ἀλεξανδρείας.

Ὑπεδλήθη ὑπὸ τοῦ κ. Δημάρχου ὁ προϋπολογισμὸς τοῦ 1896 ἡ ἐπὶ τοῦ ὁποίου συζήτησις ἄρχεται σήμερον κηρυχθέντος τοῦ προέδρου τὴν ἔναρξιν τῆς συνόδου.

Ἡ «Ἕνωσις Σταφιδοκτημόνων»

Σήμερον μετὰ μεσημβρίαν συνέρχεται εἰς συνεδρίασιν τὸ διοικητικὸν συμβούλιον τῆς «Ἑνώσεως τῶν Σταφιδοκτημόνων» ὅπως ἀνταλλάξῃ σκέψεις περὶ τῶν προταθησομένων ἐν τῇ Βουλῇ μέτρων περὶ τῆς μεταρρυθμίσεως τοῦ σταφιδικοῦ νόμου. Κατ᾽ αὐτὴν θὰ λάβωσι μέρος καὶ οἱ βουλευταὶ τῆς ἐπαρχίας.

Σταφιδικά

Ἡ ἀγορὰ τῶν σταφίδων διετέλεσε χθὲς ἐν ἀπραξίᾳ. Ἡ μόνη ἀξία λόγου πρᾶξις ἦτο ἡ πώλησις 150 τόννων πρὸς δραχ. 140 ἐπὶ 65 χῆμα. Ἡ ἀγορὰ ἐξακολουθεῖ ἐν αὐτῇ καταστάσει.
